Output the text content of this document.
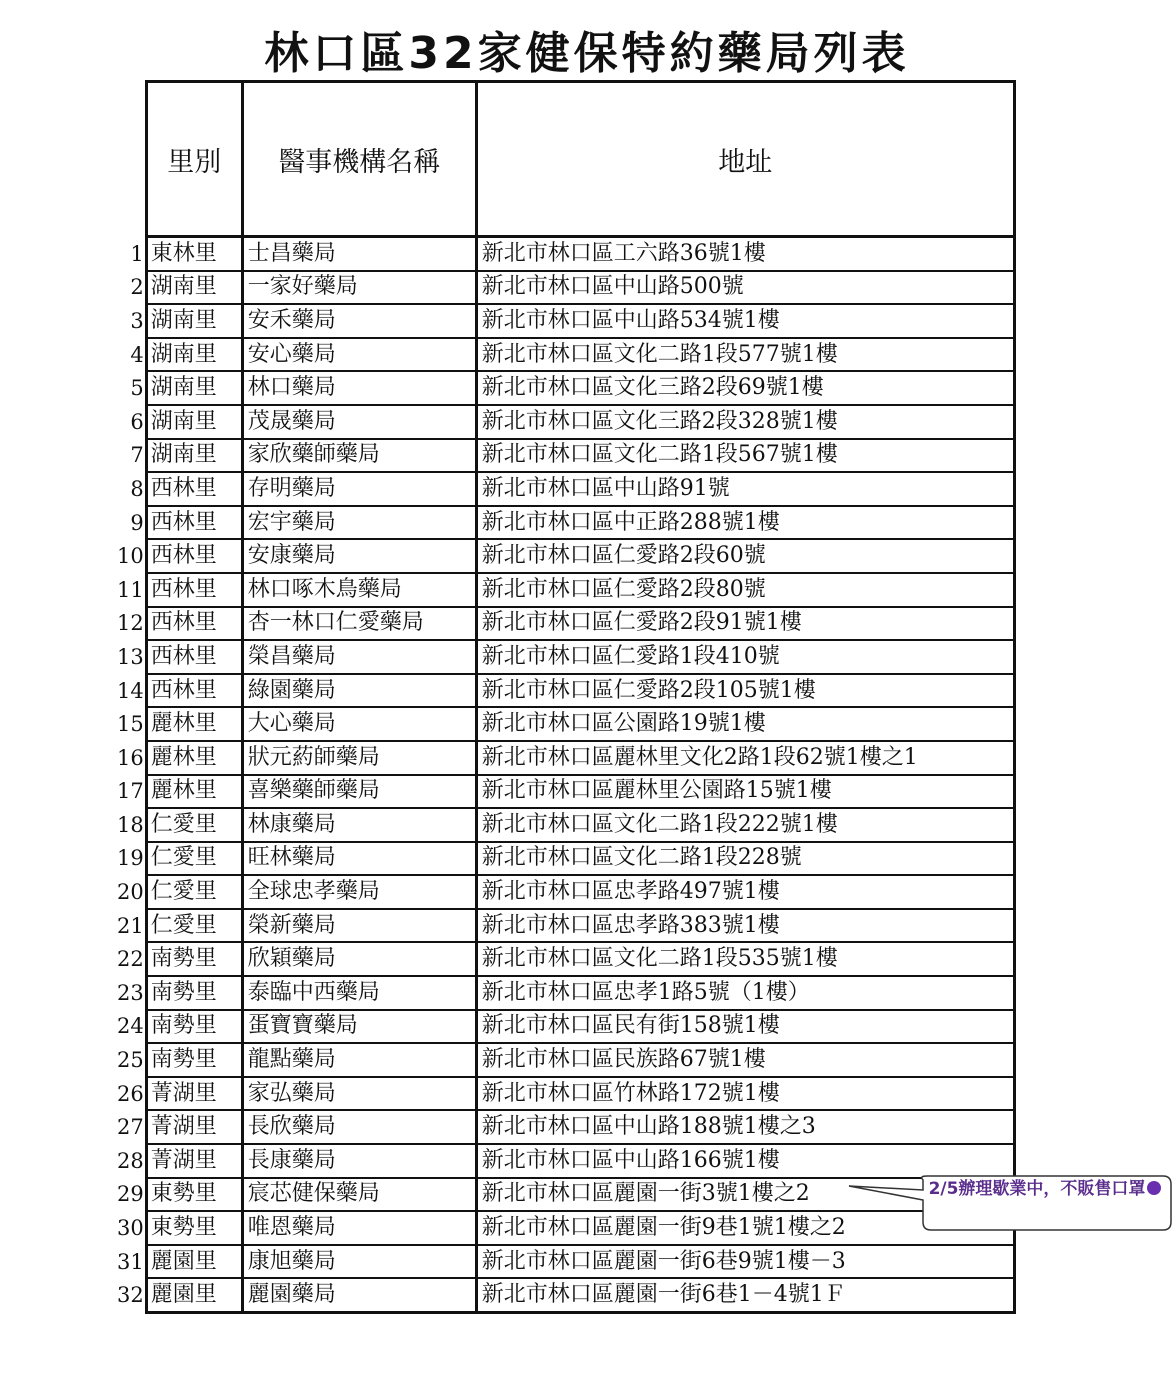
林口區32家健保特約藥局列表
	里別	醫事機構名稱	地址
1	東林里	士昌藥局	新北市林口區工六路36號1樓
2	湖南里	一家好藥局	新北市林口區中山路500號
3	湖南里	安禾藥局	新北市林口區中山路534號1樓
4	湖南里	安心藥局	新北市林口區文化二路1段577號1樓
5	湖南里	林口藥局	新北市林口區文化三路2段69號1樓
6	湖南里	茂晟藥局	新北市林口區文化三路2段328號1樓
7	湖南里	家欣藥師藥局	新北市林口區文化二路1段567號1樓
8	西林里	存明藥局	新北市林口區中山路91號
9	西林里	宏宇藥局	新北市林口區中正路288號1樓
10	西林里	安康藥局	新北市林口區仁愛路2段60號
11	西林里	林口啄木鳥藥局	新北市林口區仁愛路2段80號
12	西林里	杏一林口仁愛藥局	新北市林口區仁愛路2段91號1樓
13	西林里	榮昌藥局	新北市林口區仁愛路1段410號
14	西林里	綠園藥局	新北市林口區仁愛路2段105號1樓
15	麗林里	大心藥局	新北市林口區公園路19號1樓
16	麗林里	狀元葯師藥局	新北市林口區麗林里文化2路1段62號1樓之1
17	麗林里	喜樂藥師藥局	新北市林口區麗林里公園路15號1樓
18	仁愛里	林康藥局	新北市林口區文化二路1段222號1樓
19	仁愛里	旺林藥局	新北市林口區文化二路1段228號
20	仁愛里	全球忠孝藥局	新北市林口區忠孝路497號1樓
21	仁愛里	榮新藥局	新北市林口區忠孝路383號1樓
22	南勢里	欣穎藥局	新北市林口區文化二路1段535號1樓
23	南勢里	泰臨中西藥局	新北市林口區忠孝1路5號（1樓）
24	南勢里	蛋寶寶藥局	新北市林口區民有街158號1樓
25	南勢里	龍點藥局	新北市林口區民族路67號1樓
26	菁湖里	家弘藥局	新北市林口區竹林路172號1樓
27	菁湖里	長欣藥局	新北市林口區中山路188號1樓之3
28	菁湖里	長康藥局	新北市林口區中山路166號1樓
29	東勢里	宸芯健保藥局	新北市林口區麗園一街3號1樓之2
30	東勢里	唯恩藥局	新北市林口區麗園一街9巷1號1樓之2
31	麗園里	康旭藥局	新北市林口區麗園一街6巷9號1樓－3
32	麗園里	麗園藥局	新北市林口區麗園一街6巷1－4號1Ｆ
2/5辦理歇業中，不販售口罩
